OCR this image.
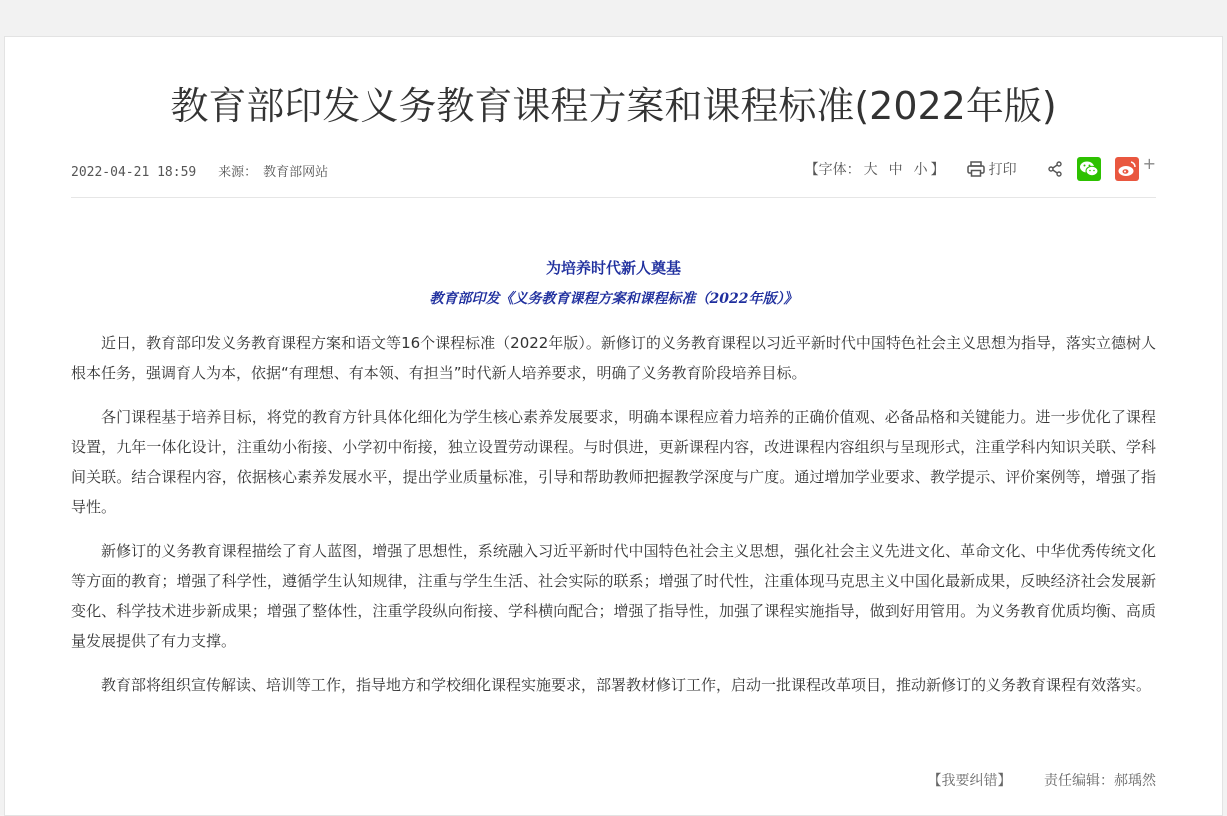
教育部印发义务教育课程方案和课程标准(2022年版)
2022-04-21 18:59 来源： 教育部网站	【字体： 大 中 小 】	打印	+
为培养时代新人奠基
教育部印发《义务教育课程方案和课程标准（2022年版）》

近日，教育部印发义务教育课程方案和语文等16个课程标准（2022年版）。新修订的义务教育课程以习近平新时代中国特色社会主义思想为指导，落实立德树人根本任务，强调育人为本，依据“有理想、有本领、有担当”时代新人培养要求，明确了义务教育阶段培养目标。

各门课程基于培养目标，将党的教育方针具体化细化为学生核心素养发展要求，明确本课程应着力培养的正确价值观、必备品格和关键能力。进一步优化了课程设置，九年一体化设计，注重幼小衔接、小学初中衔接，独立设置劳动课程。与时俱进，更新课程内容，改进课程内容组织与呈现形式，注重学科内知识关联、学科间关联。结合课程内容，依据核心素养发展水平，提出学业质量标准，引导和帮助教师把握教学深度与广度。通过增加学业要求、教学提示、评价案例等，增强了指导性。

新修订的义务教育课程描绘了育人蓝图，增强了思想性，系统融入习近平新时代中国特色社会主义思想，强化社会主义先进文化、革命文化、中华优秀传统文化等方面的教育；增强了科学性，遵循学生认知规律，注重与学生生活、社会实际的联系；增强了时代性，注重体现马克思主义中国化最新成果，反映经济社会发展新变化、科学技术进步新成果；增强了整体性，注重学段纵向衔接、学科横向配合；增强了指导性，加强了课程实施指导，做到好用管用。为义务教育优质均衡、高质量发展提供了有力支撑。

教育部将组织宣传解读、培训等工作，指导地方和学校细化课程实施要求，部署教材修订工作，启动一批课程改革项目，推动新修订的义务教育课程有效落实。

【我要纠错】 责任编辑：郝瑀然
